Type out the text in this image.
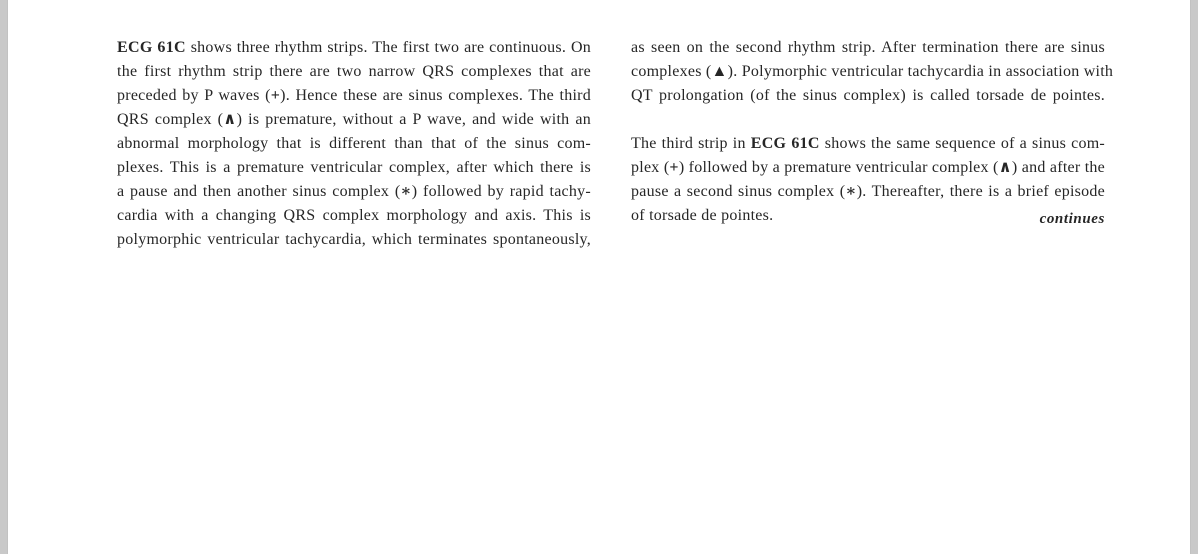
ECG 61C shows three rhythm strips. The first two are continuous. On
the first rhythm strip there are two narrow QRS complexes that are
preceded by P waves (+). Hence these are sinus complexes. The third
QRS complex (∧) is premature, without a P wave, and wide with an
abnormal morphology that is different than that of the sinus com-
plexes. This is a premature ventricular complex, after which there is
a pause and then another sinus complex (∗) followed by rapid tachy-
cardia with a changing QRS complex morphology and axis. This is
polymorphic ventricular tachycardia, which terminates spontaneously,
as seen on the second rhythm strip. After termination there are sinus
complexes (▲). Polymorphic ventricular tachycardia in association with
QT prolongation (of the sinus complex) is called torsade de pointes.
The third strip in ECG 61C shows the same sequence of a sinus com-
plex (+) followed by a premature ventricular complex (∧) and after the
pause a second sinus complex (∗). Thereafter, there is a brief episode
continues
of torsade de pointes.
